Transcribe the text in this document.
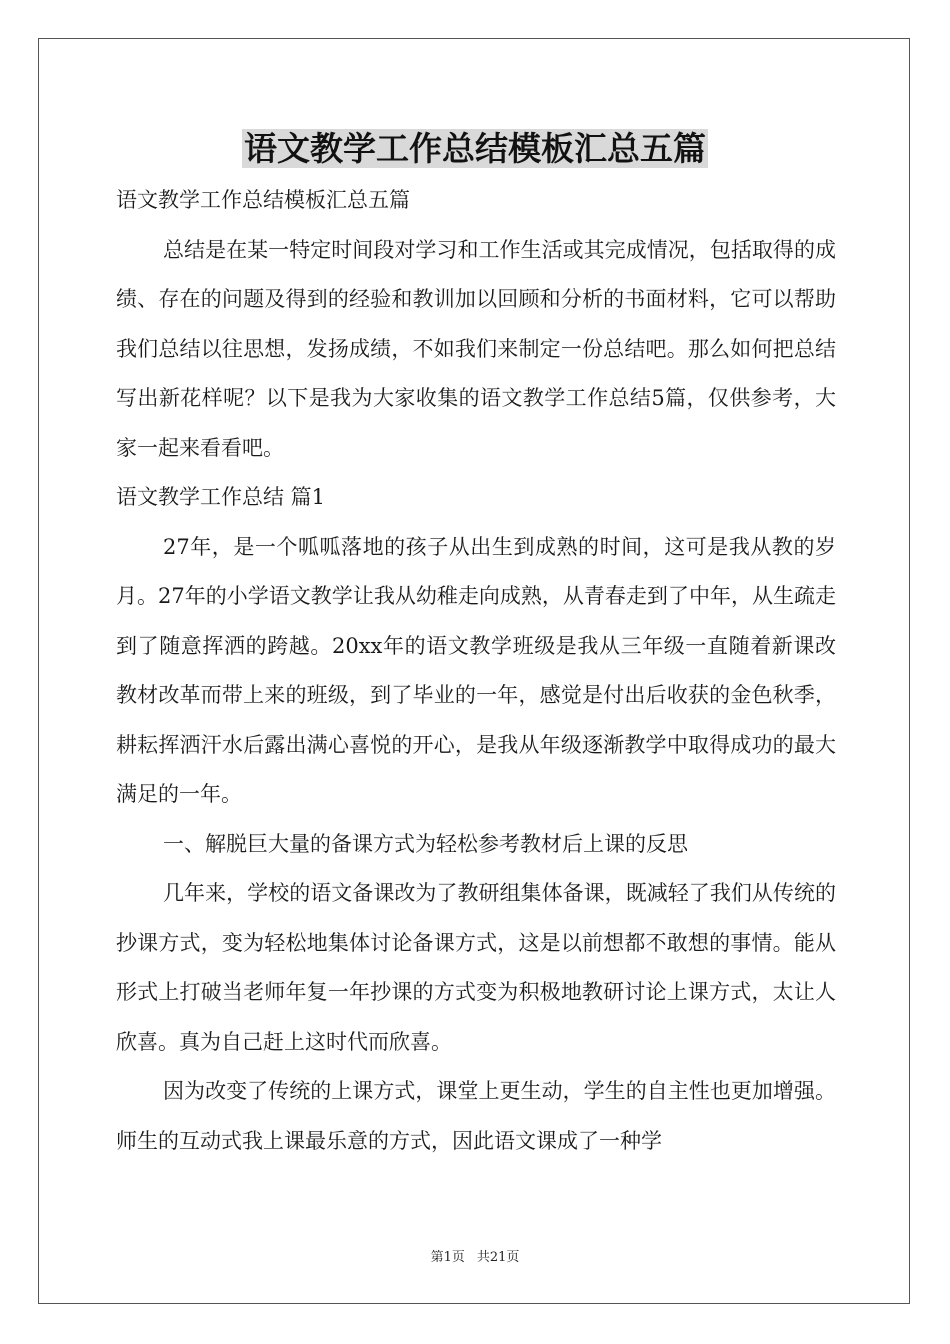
语文教学工作总结模板汇总五篇

语文教学工作总结模板汇总五篇

总结是在某一特定时间段对学习和工作生活或其完成情况，包括取得的成绩、存在的问题及得到的经验和教训加以回顾和分析的书面材料，它可以帮助我们总结以往思想，发扬成绩，不如我们来制定一份总结吧。那么如何把总结写出新花样呢？以下是我为大家收集的语文教学工作总结5篇，仅供参考，大家一起来看看吧。

语文教学工作总结 篇1

27年，是一个呱呱落地的孩子从出生到成熟的时间，这可是我从教的岁月。27年的小学语文教学让我从幼稚走向成熟，从青春走到了中年，从生疏走到了随意挥洒的跨越。20xx年的语文教学班级是我从三年级一直随着新课改教材改革而带上来的班级，到了毕业的一年，感觉是付出后收获的金色秋季，耕耘挥洒汗水后露出满心喜悦的开心，是我从年级逐渐教学中取得成功的最大满足的一年。

一、解脱巨大量的备课方式为轻松参考教材后上课的反思

几年来，学校的语文备课改为了教研组集体备课，既减轻了我们从传统的抄课方式，变为轻松地集体讨论备课方式，这是以前想都不敢想的事情。能从形式上打破当老师年复一年抄课的方式变为积极地教研讨论上课方式，太让人欣喜。真为自己赶上这时代而欣喜。

因为改变了传统的上课方式，课堂上更生动，学生的自主性也更加增强。师生的互动式我上课最乐意的方式，因此语文课成了一种学

第1页 共21页
